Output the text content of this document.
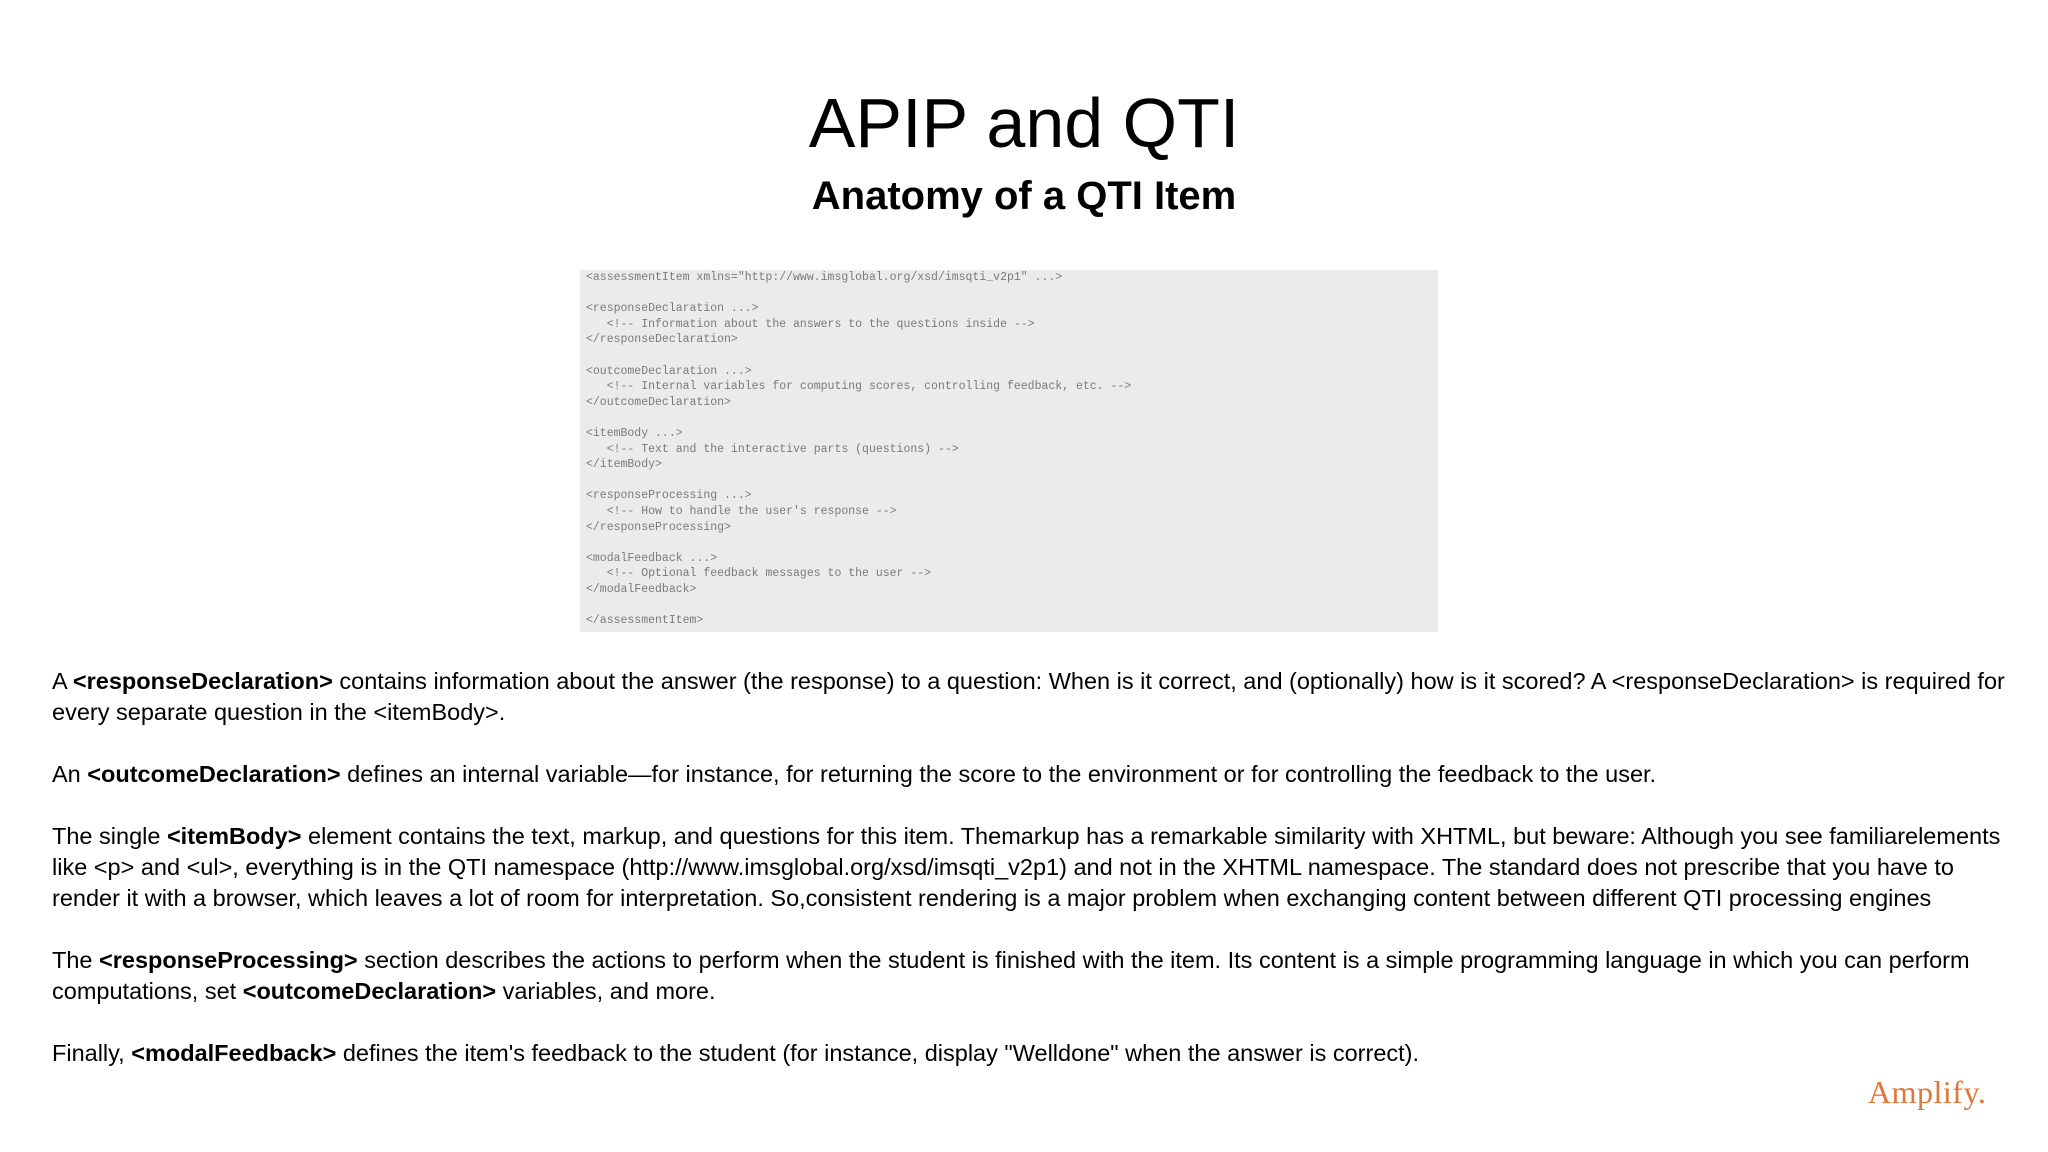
APIP and QTI
Anatomy of a QTI Item
<assessmentItem xmlns="http://www.imsglobal.org/xsd/imsqti_v2p1" ...>
<responseDeclaration ...>
<!-- Information about the answers to the questions inside -->
</responseDeclaration>
<outcomeDeclaration ...>
<!-- Internal variables for computing scores, controlling feedback, etc. -->
</outcomeDeclaration>
<itemBody ...>
<!-- Text and the interactive parts (questions) -->
</itemBody>
<responseProcessing ...>
<!-- How to handle the user's response -->
</responseProcessing>
<modalFeedback ...>
<!-- Optional feedback messages to the user -->
</modalFeedback>
</assessmentItem>

A <responseDeclaration> contains information about the answer (the response) to a question: When is it correct, and (optionally) how is it scored? A <responseDeclaration> is required for every separate question in the <itemBody>.

An <outcomeDeclaration> defines an internal variable—for instance, for returning the score to the environment or for controlling the feedback to the user.

The single <itemBody> element contains the text, markup, and questions for this item. Themarkup has a remarkable similarity with XHTML, but beware: Although you see familiarelements like <p> and <ul>, everything is in the QTI namespace (http://www.imsglobal.org/xsd/imsqti_v2p1) and not in the XHTML namespace. The standard does not prescribe that you have to render it with a browser, which leaves a lot of room for interpretation. So,consistent rendering is a major problem when exchanging content between different QTI processing engines

The <responseProcessing> section describes the actions to perform when the student is finished with the item. Its content is a simple programming language in which you can perform computations, set <outcomeDeclaration> variables, and more.

Finally, <modalFeedback> defines the item's feedback to the student (for instance, display "Welldone" when the answer is correct).

Amplify.
